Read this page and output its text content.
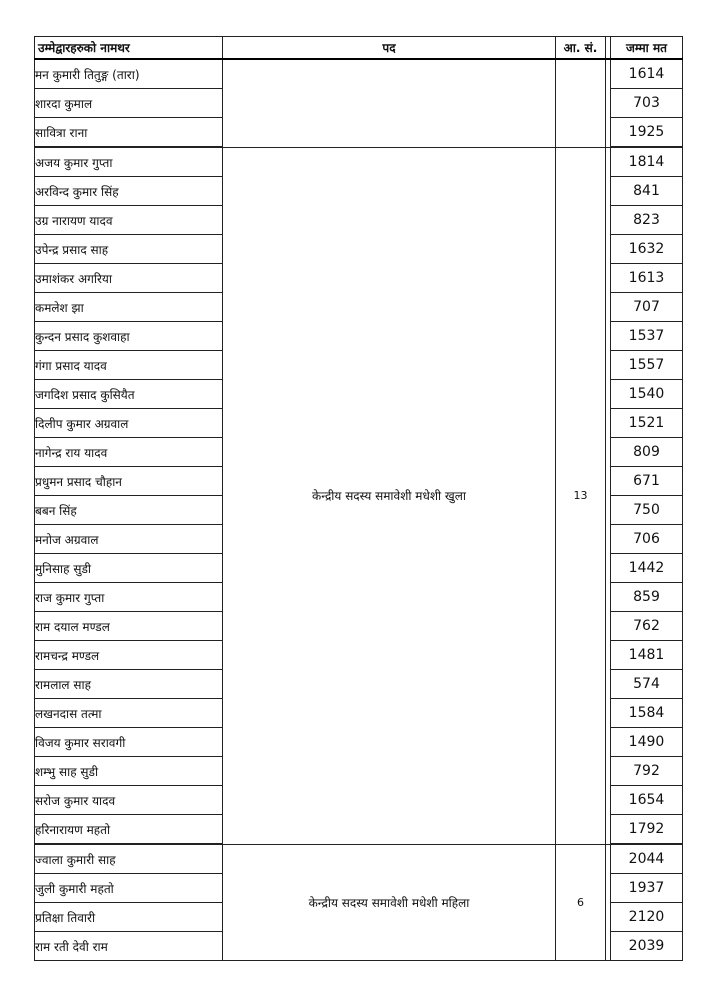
उम्मेद्वारहरुको नामथर	पद	आ. सं.		जम्मा मत
मन कुमारी तितुङ्ग (तारा)				1614
शारदा कुमाल				703
सावित्रा राना				1925
अजय कुमार गुप्ता	केन्द्रीय सदस्य समावेशी मधेशी खुला	13		1814
अरविन्द कुमार सिंह				841
उग्र नारायण यादव				823
उपेन्द्र प्रसाद साह				1632
उमाशंकर अगरिया				1613
कमलेश झा				707
कुन्दन प्रसाद कुशवाहा				1537
गंगा प्रसाद यादव				1557
जगदिश प्रसाद कुसियैत				1540
दिलीप कुमार अग्रवाल				1521
नागेन्द्र राय यादव				809
प्रधुमन प्रसाद चौहान				671
बबन सिंह				750
मनोज अग्रवाल				706
मुनिसाह सुडी				1442
राज कुमार गुप्ता				859
राम दयाल मण्डल				762
रामचन्द्र मण्डल				1481
रामलाल साह				574
लखनदास तत्मा				1584
विजय कुमार सरावगी				1490
शम्भु साह सुडी				792
सरोज कुमार यादव				1654
हरिनारायण महतो				1792
ज्वाला कुमारी साह	केन्द्रीय सदस्य समावेशी मधेशी महिला	6		2044
जुली कुमारी महतो				1937
प्रतिक्षा तिवारी				2120
राम रती देवी राम				2039
